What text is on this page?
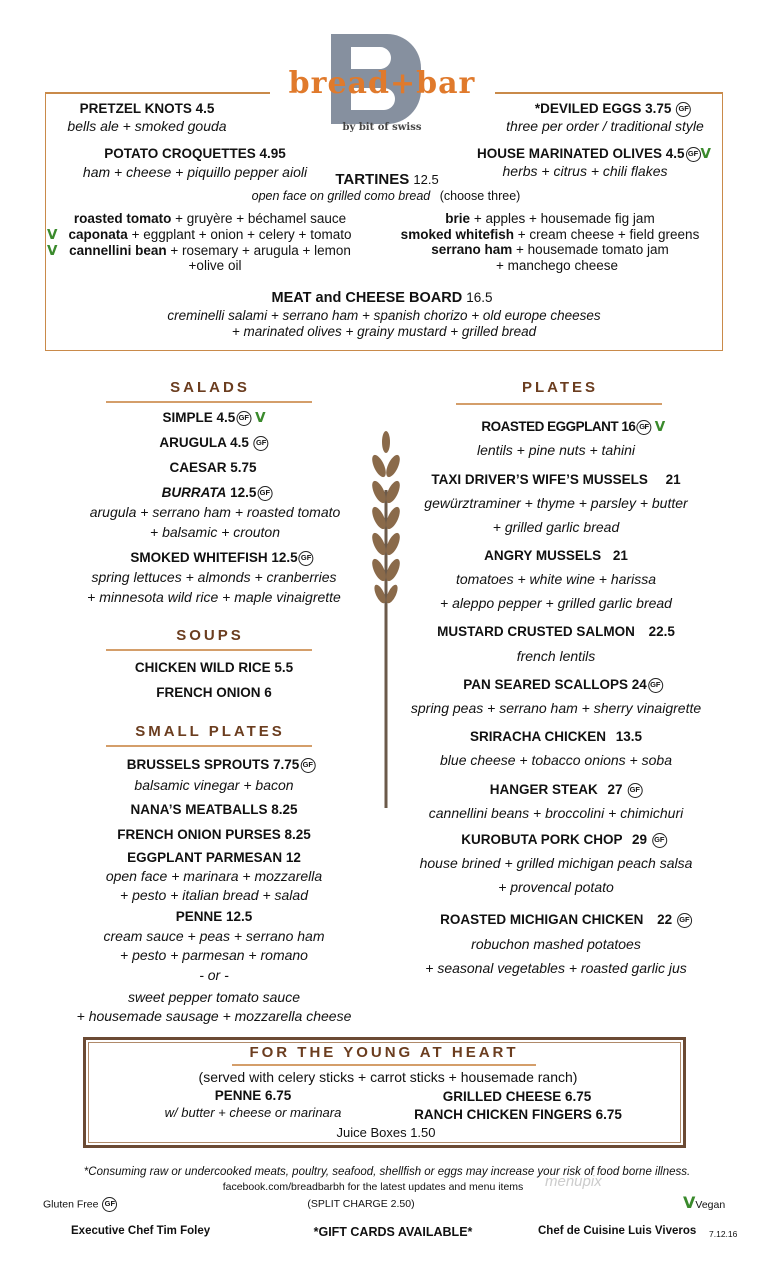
bread+bar
by bit of swiss
PRETZEL KNOTS 4.5
bells ale + smoked gouda
*DEVILED EGGS 3.75 GF
three per order / traditional style
POTATO CROQUETTES 4.95
ham + cheese + piquillo pepper aioli
HOUSE MARINATED OLIVES 4.5 GF V
herbs + citrus + chili flakes
TARTINES 12.5
open face on grilled como bread (choose three)
roasted tomato + gruyère + béchamel sauce
V caponata + eggplant + onion + celery + tomato
V cannellini bean + rosemary + arugula + lemon
+olive oil
brie + apples + housemade fig jam
smoked whitefish + cream cheese + field greens
serrano ham + housemade tomato jam
+ manchego cheese
MEAT and CHEESE BOARD 16.5
creminelli salami + serrano ham + spanish chorizo + old europe cheeses
+ marinated olives + grainy mustard + grilled bread
SALADS
SIMPLE 4.5 GF V
ARUGULA 4.5 GF
CAESAR 5.75
BURRATA 12.5 GF
arugula + serrano ham + roasted tomato
+ balsamic + crouton
SMOKED WHITEFISH 12.5 GF
spring lettuces + almonds + cranberries
+ minnesota wild rice + maple vinaigrette
SOUPS
CHICKEN WILD RICE 5.5
FRENCH ONION 6
SMALL PLATES
BRUSSELS SPROUTS 7.75 GF
balsamic vinegar + bacon
NANA’S MEATBALLS 8.25
FRENCH ONION PURSES 8.25
EGGPLANT PARMESAN 12
open face + marinara + mozzarella
+ pesto + italian bread + salad
PENNE 12.5
cream sauce + peas + serrano ham
+ pesto + parmesan + romano
- or -
sweet pepper tomato sauce
+ housemade sausage + mozzarella cheese
PLATES
ROASTED EGGPLANT 16 GF V
lentils + pine nuts + tahini
TAXI DRIVER’S WIFE’S MUSSELS 21
gewürztraminer + thyme + parsley + butter
+ grilled garlic bread
ANGRY MUSSELS 21
tomatoes + white wine + harissa
+ aleppo pepper + grilled garlic bread
MUSTARD CRUSTED SALMON 22.5
french lentils
PAN SEARED SCALLOPS 24 GF
spring peas + serrano ham + sherry vinaigrette
SRIRACHA CHICKEN 13.5
blue cheese + tobacco onions + soba
HANGER STEAK 27 GF
cannellini beans + broccolini + chimichuri
KUROBUTA PORK CHOP 29 GF
house brined + grilled michigan peach salsa
+ provencal potato
ROASTED MICHIGAN CHICKEN 22 GF
robuchon mashed potatoes
+ seasonal vegetables + roasted garlic jus
FOR THE YOUNG AT HEART
(served with celery sticks + carrot sticks + housemade ranch)
PENNE 6.75
w/ butter + cheese or marinara
GRILLED CHEESE 6.75
RANCH CHICKEN FINGERS 6.75
Juice Boxes 1.50
*Consuming raw or undercooked meats, poultry, seafood, shellfish or eggs may increase your risk of food borne illness.
facebook.com/breadbarbh for the latest updates and menu items menupix
Gluten Free GF	(SPLIT CHARGE 2.50)	VVegan
Executive Chef Tim Foley	*GIFT CARDS AVAILABLE*	Chef de Cuisine Luis Viveros 7.12.16
